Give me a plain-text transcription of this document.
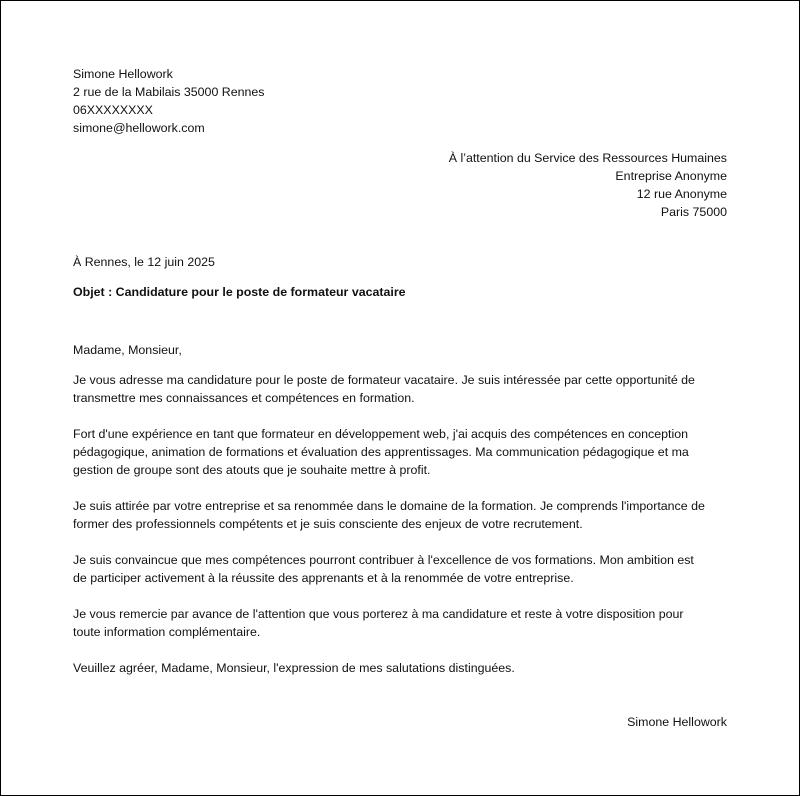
Simone Hellowork
2 rue de la Mabilais 35000 Rennes
06XXXXXXXX
simone@hellowork.com
À l’attention du Service des Ressources Humaines
Entreprise Anonyme
12 rue Anonyme
Paris 75000
À Rennes, le 12 juin 2025
Objet : Candidature pour le poste de formateur vacataire
Madame, Monsieur,
Je vous adresse ma candidature pour le poste de formateur vacataire. Je suis intéressée par cette opportunité de
transmettre mes connaissances et compétences en formation.
Fort d'une expérience en tant que formateur en développement web, j'ai acquis des compétences en conception
pédagogique, animation de formations et évaluation des apprentissages. Ma communication pédagogique et ma
gestion de groupe sont des atouts que je souhaite mettre à profit.
Je suis attirée par votre entreprise et sa renommée dans le domaine de la formation. Je comprends l'importance de
former des professionnels compétents et je suis consciente des enjeux de votre recrutement.
Je suis convaincue que mes compétences pourront contribuer à l'excellence de vos formations. Mon ambition est
de participer activement à la réussite des apprenants et à la renommée de votre entreprise.
Je vous remercie par avance de l'attention que vous porterez à ma candidature et reste à votre disposition pour
toute information complémentaire.
Veuillez agréer, Madame, Monsieur, l'expression de mes salutations distinguées.
Simone Hellowork
